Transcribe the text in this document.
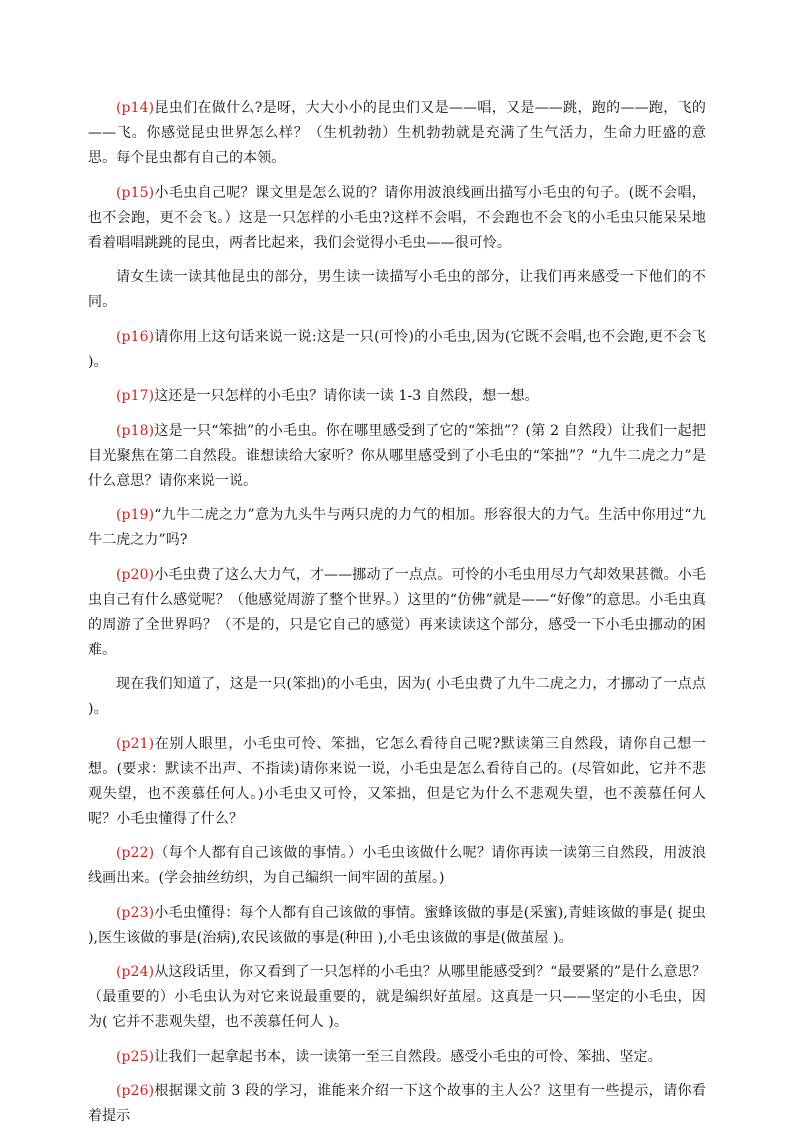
(p14)昆虫们在做什么?是呀，大大小小的昆虫们又是——唱，又是——跳，跑的——跑，飞的——飞。你感觉昆虫世界怎么样？（生机勃勃）生机勃勃就是充满了生气活力，生命力旺盛的意思。每个昆虫都有自己的本领。

(p15)小毛虫自己呢？课文里是怎么说的？请你用波浪线画出描写小毛虫的句子。(既不会唱，也不会跑，更不会飞。）这是一只怎样的小毛虫?这样不会唱，不会跑也不会飞的小毛虫只能呆呆地看着唱唱跳跳的昆虫，两者比起来，我们会觉得小毛虫——很可怜。

请女生读一读其他昆虫的部分，男生读一读描写小毛虫的部分，让我们再来感受一下他们的不同。

(p16)请你用上这句话来说一说:这是一只(可怜)的小毛虫,因为(它既不会唱,也不会跑,更不会飞 )。

(p17)这还是一只怎样的小毛虫？请你读一读 1-3 自然段，想一想。

(p18)这是一只“笨拙”的小毛虫。你在哪里感受到了它的“笨拙”？(第 2 自然段）让我们一起把目光聚焦在第二自然段。谁想读给大家听？你从哪里感受到了小毛虫的“笨拙”？“九牛二虎之力”是什么意思？请你来说一说。

(p19)“九牛二虎之力”意为九头牛与两只虎的力气的相加。形容很大的力气。生活中你用过“九牛二虎之力”吗?

(p20)小毛虫费了这么大力气，才——挪动了一点点。可怜的小毛虫用尽力气却效果甚微。小毛虫自己有什么感觉呢？（他感觉周游了整个世界。）这里的“仿佛”就是——“好像”的意思。小毛虫真的周游了全世界吗？（不是的，只是它自己的感觉）再来读读这个部分，感受一下小毛虫挪动的困难。

现在我们知道了，这是一只(笨拙)的小毛虫，因为( 小毛虫费了九牛二虎之力，才挪动了一点点 )。

(p21)在别人眼里，小毛虫可怜、笨拙，它怎么看待自己呢?默读第三自然段，请你自己想一想。(要求：默读不出声、不指读)请你来说一说，小毛虫是怎么看待自己的。(尽管如此，它并不悲观失望，也不羡慕任何人。)小毛虫又可怜，又笨拙，但是它为什么不悲观失望，也不羡慕任何人呢？小毛虫懂得了什么？

(p22)（每个人都有自己该做的事情。）小毛虫该做什么呢？请你再读一读第三自然段，用波浪线画出来。(学会抽丝纺织，为自己编织一间牢固的茧屋。)

(p23)小毛虫懂得：每个人都有自己该做的事情。蜜蜂该做的事是(采蜜),青蛙该做的事是( 捉虫 ),医生该做的事是(治病),农民该做的事是(种田 ),小毛虫该做的事是(做茧屋 )。

(p24)从这段话里，你又看到了一只怎样的小毛虫？从哪里能感受到？“最要紧的”是什么意思？（最重要的）小毛虫认为对它来说最重要的，就是编织好茧屋。这真是一只——坚定的小毛虫，因为( 它并不悲观失望，也不羡慕任何人 )。

(p25)让我们一起拿起书本，读一读第一至三自然段。感受小毛虫的可怜、笨拙、坚定。

(p26)根据课文前 3 段的学习，谁能来介绍一下这个故事的主人公？这里有一些提示，请你看着提示
